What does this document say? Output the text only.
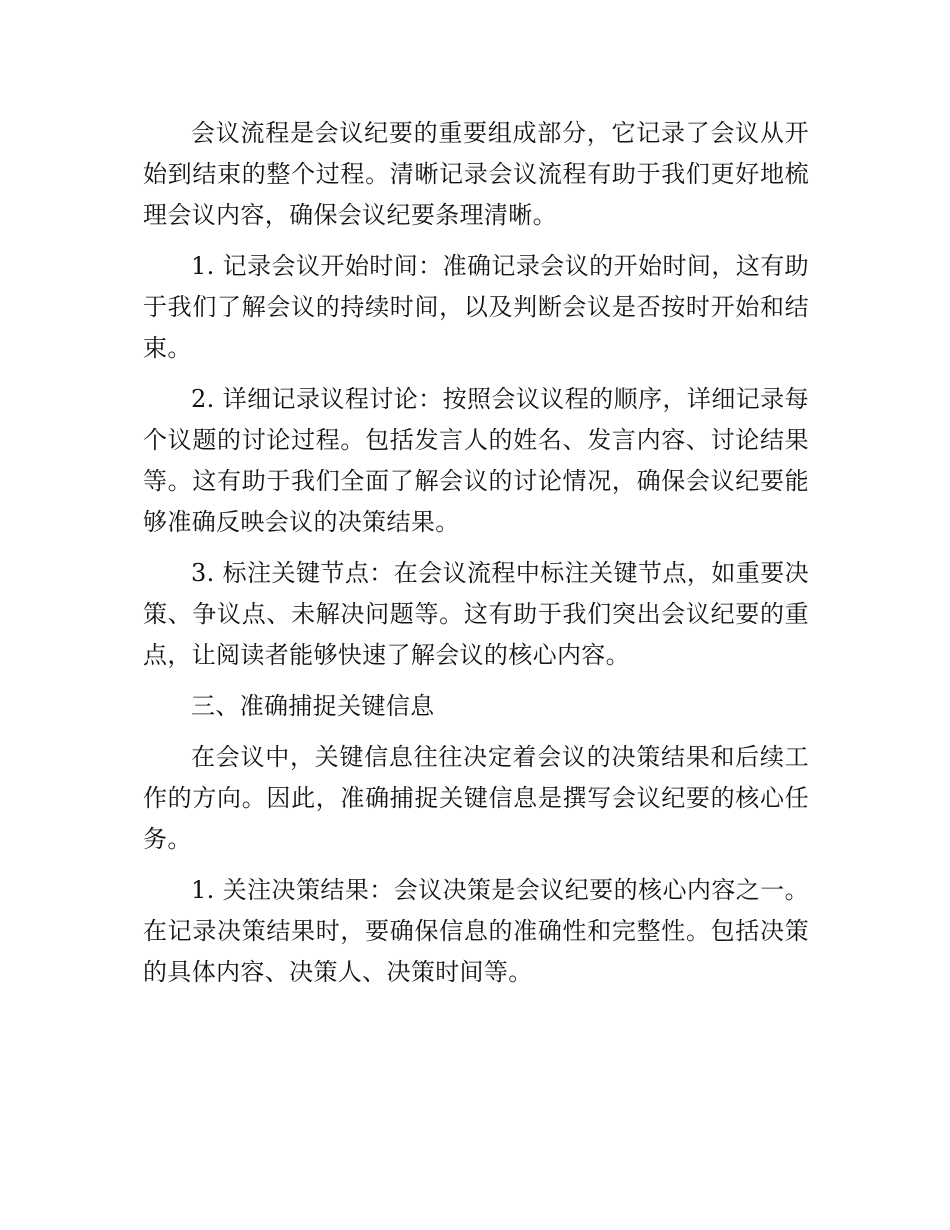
会议流程是会议纪要的重要组成部分，它记录了会议从开始到结束的整个过程。清晰记录会议流程有助于我们更好地梳理会议内容，确保会议纪要条理清晰。

1. 记录会议开始时间：准确记录会议的开始时间，这有助于我们了解会议的持续时间，以及判断会议是否按时开始和结束。

2. 详细记录议程讨论：按照会议议程的顺序，详细记录每个议题的讨论过程。包括发言人的姓名、发言内容、讨论结果等。这有助于我们全面了解会议的讨论情况，确保会议纪要能够准确反映会议的决策结果。

3. 标注关键节点：在会议流程中标注关键节点，如重要决策、争议点、未解决问题等。这有助于我们突出会议纪要的重点，让阅读者能够快速了解会议的核心内容。

三、准确捕捉关键信息

在会议中，关键信息往往决定着会议的决策结果和后续工作的方向。因此，准确捕捉关键信息是撰写会议纪要的核心任务。

1. 关注决策结果：会议决策是会议纪要的核心内容之一。在记录决策结果时，要确保信息的准确性和完整性。包括决策的具体内容、决策人、决策时间等。
